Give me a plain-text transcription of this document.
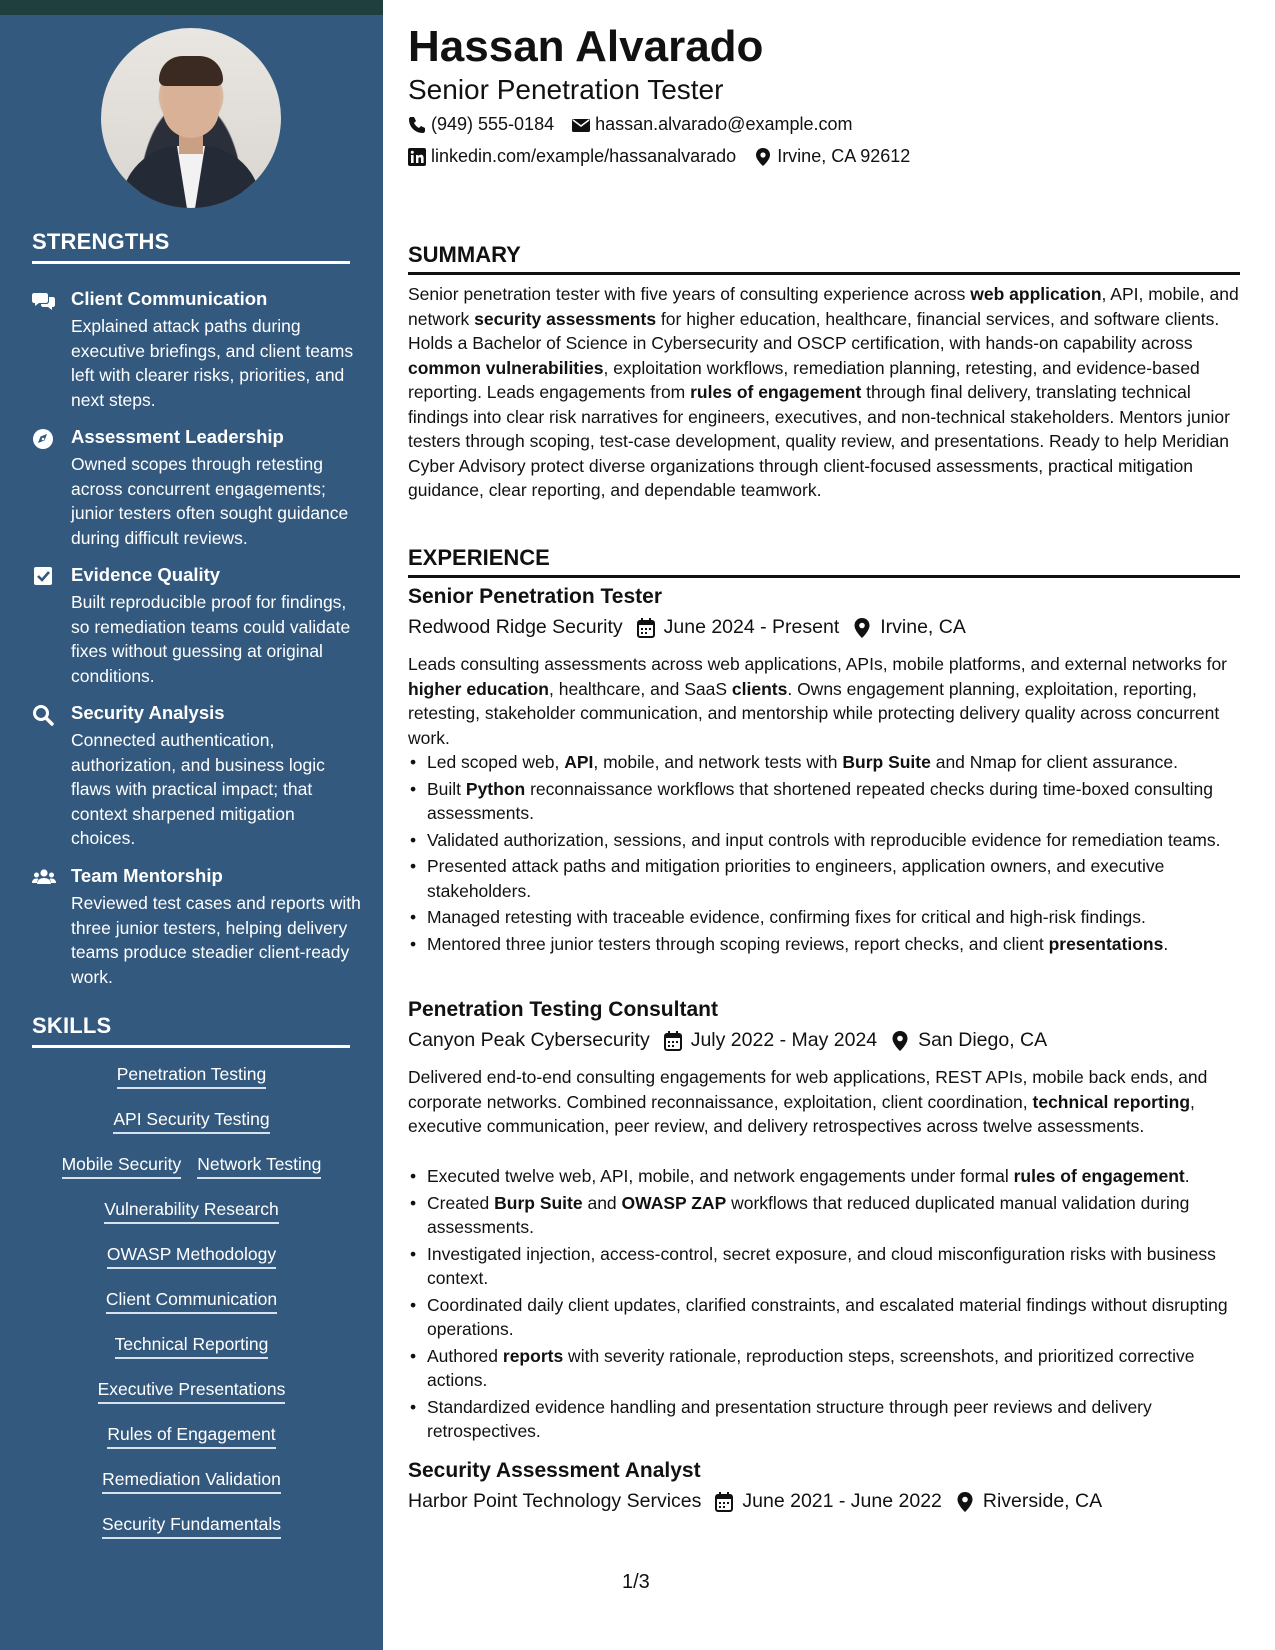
STRENGTHS
Client Communication
Explained attack paths during executive briefings, and client teams left with clearer risks, priorities, and next steps.
Assessment Leadership
Owned scopes through retesting across concurrent engagements; junior testers often sought guidance during difficult reviews.
Evidence Quality
Built reproducible proof for findings, so remediation teams could validate fixes without guessing at original conditions.
Security Analysis
Connected authentication, authorization, and business logic flaws with practical impact; that context sharpened mitigation choices.
Team Mentorship
Reviewed test cases and reports with three junior testers, helping delivery teams produce steadier client-ready work.
SKILLS
Penetration Testing
API Security Testing
Mobile Security Network Testing
Vulnerability Research
OWASP Methodology
Client Communication
Technical Reporting
Executive Presentations
Rules of Engagement
Remediation Validation
Security Fundamentals
Hassan Alvarado
Senior Penetration Tester
(949) 555-0184 hassan.alvarado@example.com
linkedin.com/example/hassanalvarado Irvine, CA 92612
SUMMARY
Senior penetration tester with five years of consulting experience across web application, API, mobile, and network security assessments for higher education, healthcare, financial services, and software clients. Holds a Bachelor of Science in Cybersecurity and OSCP certification, with hands-on capability across common vulnerabilities, exploitation workflows, remediation planning, retesting, and evidence-based reporting. Leads engagements from rules of engagement through final delivery, translating technical findings into clear risk narratives for engineers, executives, and non-technical stakeholders. Mentors junior testers through scoping, test-case development, quality review, and presentations. Ready to help Meridian Cyber Advisory protect diverse organizations through client-focused assessments, practical mitigation guidance, clear reporting, and dependable teamwork.
EXPERIENCE
Senior Penetration Tester
Redwood Ridge Security June 2024 - Present Irvine, CA
Leads consulting assessments across web applications, APIs, mobile platforms, and external networks for higher education, healthcare, and SaaS clients. Owns engagement planning, exploitation, reporting, retesting, stakeholder communication, and mentorship while protecting delivery quality across concurrent work.
• Led scoped web, API, mobile, and network tests with Burp Suite and Nmap for client assurance.
• Built Python reconnaissance workflows that shortened repeated checks during time-boxed consulting assessments.
• Validated authorization, sessions, and input controls with reproducible evidence for remediation teams.
• Presented attack paths and mitigation priorities to engineers, application owners, and executive stakeholders.
• Managed retesting with traceable evidence, confirming fixes for critical and high-risk findings.
• Mentored three junior testers through scoping reviews, report checks, and client presentations.
Penetration Testing Consultant
Canyon Peak Cybersecurity July 2022 - May 2024 San Diego, CA
Delivered end-to-end consulting engagements for web applications, REST APIs, mobile back ends, and corporate networks. Combined reconnaissance, exploitation, client coordination, technical reporting, executive communication, peer review, and delivery retrospectives across twelve assessments.
• Executed twelve web, API, mobile, and network engagements under formal rules of engagement.
• Created Burp Suite and OWASP ZAP workflows that reduced duplicated manual validation during assessments.
• Investigated injection, access-control, secret exposure, and cloud misconfiguration risks with business context.
• Coordinated daily client updates, clarified constraints, and escalated material findings without disrupting operations.
• Authored reports with severity rationale, reproduction steps, screenshots, and prioritized corrective actions.
• Standardized evidence handling and presentation structure through peer reviews and delivery retrospectives.
Security Assessment Analyst
Harbor Point Technology Services June 2021 - June 2022 Riverside, CA
1/3
